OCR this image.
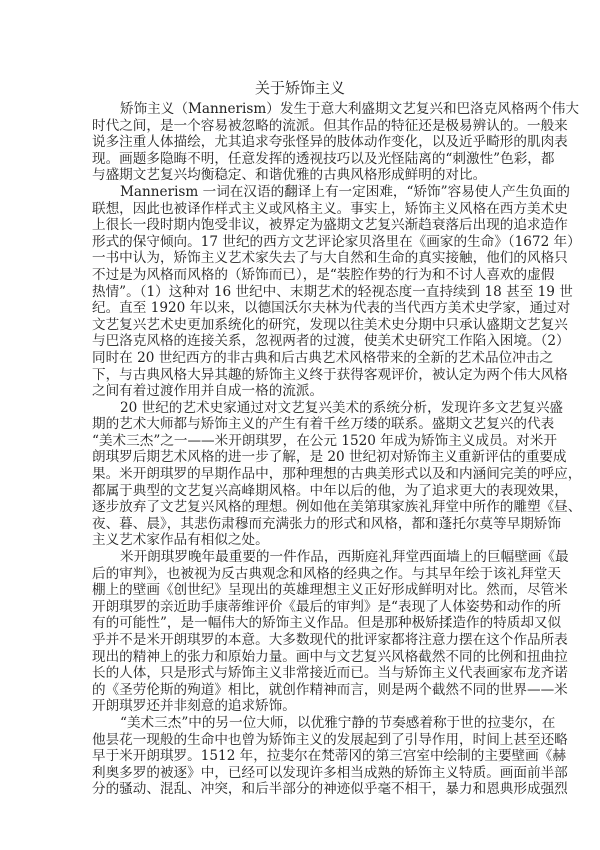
关于矫饰主义
矫饰主义（Mannerism）发生于意大利盛期文艺复兴和巴洛克风格两个伟大
时代之间，是一个容易被忽略的流派。但其作品的特征还是极易辨认的。一般来
说多注重人体描绘，尤其追求夸张怪异的肢体动作变化，以及近乎畸形的肌肉表
现。画题多隐晦不明，任意发挥的透视技巧以及光怪陆离的“刺激性”色彩，都
与盛期文艺复兴均衡稳定、和谐优雅的古典风格形成鲜明的对比。
Mannerism 一词在汉语的翻译上有一定困难，“矫饰”容易使人产生负面的
联想，因此也被译作样式主义或风格主义。事实上，矫饰主义风格在西方美术史
上很长一段时期内饱受非议，被界定为盛期文艺复兴渐趋衰落后出现的追求造作
形式的保守倾向。17 世纪的西方文艺评论家贝洛里在《画家的生命》（1672 年）
一书中认为，矫饰主义艺术家失去了与大自然和生命的真实接触，他们的风格只
不过是为风格而风格的（矫饰而已），是“装腔作势的行为和不讨人喜欢的虚假
热情”。（1）这种对 16 世纪中、末期艺术的轻视态度一直持续到 18 甚至 19 世
纪。直至 1920 年以来，以德国沃尔夫林为代表的当代西方美术史学家，通过对
文艺复兴艺术史更加系统化的研究，发现以往美术史分期中只承认盛期文艺复兴
与巴洛克风格的连接关系，忽视两者的过渡，使美术史研究工作陷入困境。（2）
同时在 20 世纪西方的非古典和后古典艺术风格带来的全新的艺术品位冲击之
下，与古典风格大异其趣的矫饰主义终于获得客观评价，被认定为两个伟大风格
之间有着过渡作用并自成一格的流派。
20 世纪的艺术史家通过对文艺复兴美术的系统分析，发现许多文艺复兴盛
期的艺术大师都与矫饰主义的产生有着千丝万缕的联系。盛期文艺复兴的代表
“美术三杰”之一——米开朗琪罗，在公元 1520 年成为矫饰主义成员。对米开
朗琪罗后期艺术风格的进一步了解，是 20 世纪初对矫饰主义重新评估的重要成
果。米开朗琪罗的早期作品中，那种理想的古典美形式以及和内涵间完美的呼应，
都属于典型的文艺复兴高峰期风格。中年以后的他，为了追求更大的表现效果，
逐步放弃了文艺复兴风格的理想。例如他在美第琪家族礼拜堂中所作的雕塑《昼、
夜、暮、晨》，其悲伤肃穆而充满张力的形式和风格，都和蓬托尔莫等早期矫饰
主义艺术家作品有相似之处。
米开朗琪罗晚年最重要的一件作品，西斯庭礼拜堂西面墙上的巨幅壁画《最
后的审判》，也被视为反古典观念和风格的经典之作。与其早年绘于该礼拜堂天
棚上的壁画《创世纪》呈现出的英雄理想主义正好形成鲜明对比。然而，尽管米
开朗琪罗的亲近助手康蒂维评价《最后的审判》是“表现了人体姿势和动作的所
有的可能性”，是一幅伟大的矫饰主义作品。但是那种极矫揉造作的特质却又似
乎并不是米开朗琪罗的本意。大多数现代的批评家都将注意力摆在这个作品所表
现出的精神上的张力和原始力量。画中与文艺复兴风格截然不同的比例和扭曲拉
长的人体，只是形式与矫饰主义非常接近而已。当与矫饰主义代表画家布龙齐诺
的《圣劳伦斯的殉道》相比，就创作精神而言，则是两个截然不同的世界——米
开朗琪罗还并非刻意的追求矫饰。
“美术三杰”中的另一位大师，以优雅宁静的节奏感着称于世的拉斐尔，在
他昙花一现般的生命中也曾为矫饰主义的发展起到了引导作用，时间上甚至还略
早于米开朗琪罗。1512 年，拉斐尔在梵蒂冈的第三宫室中绘制的主要壁画《赫
利奥多罗的被逐》中，已经可以发现许多相当成熟的矫饰主义特质。画面前半部
分的骚动、混乱、冲突，和后半部分的神迹似乎毫不相干，暴力和恩典形成强烈
